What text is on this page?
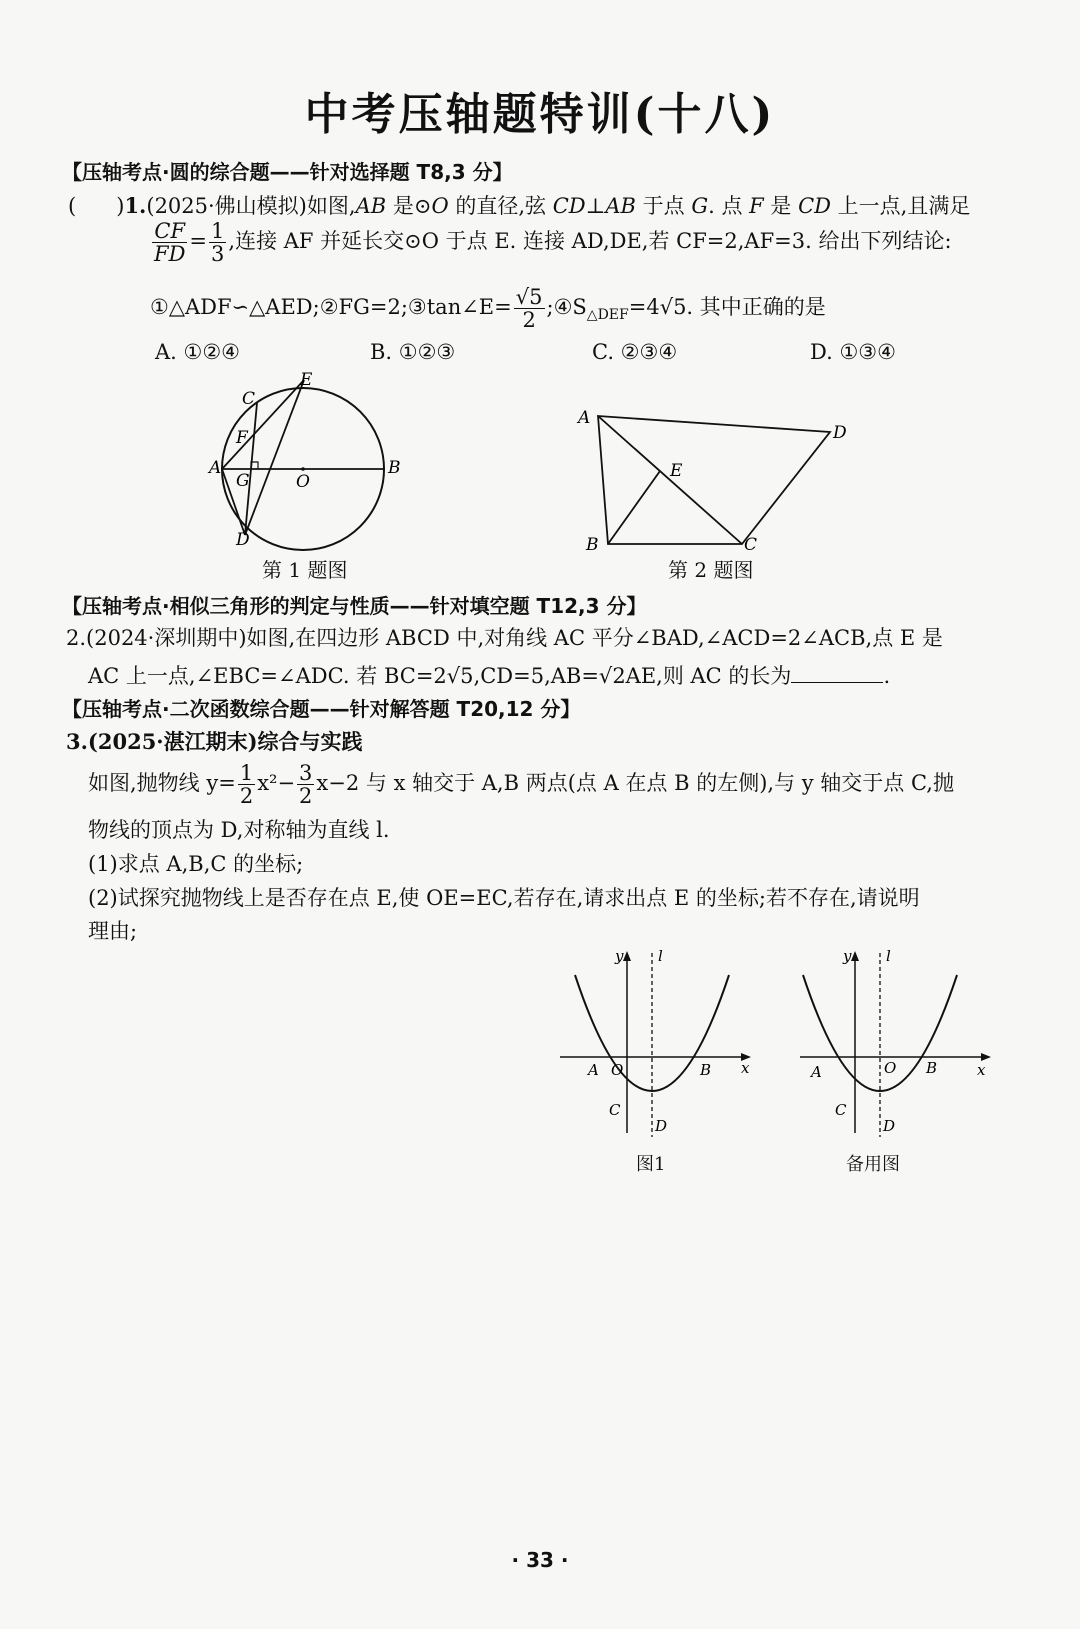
中考压轴题特训(十八)
【压轴考点·圆的综合题——针对选择题 T8,3 分】
(      )1.(2025·佛山模拟)如图,AB 是⊙O 的直径,弦 CD⊥AB 于点 G. 点 F 是 CD 上一点,且满足
$\frac{CF}{FD} = \frac{1}{3}$ ,连接 AF 并延长交⊙O 于点 E. 连接 AD,DE,若 CF=2,AF=3. 给出下列结论:
①△ADF∽△AED;②FG=2;③tan∠E= $\frac{√5}{2}$ $;④S_{\triangle DEF}=4√5$. 其中正确的是
A. ①②④	B. ①②③	C. ②③④	D. ①③④
E
C
F
A
G	O
B
D
第 1 题图
A
D
E
B	C
第 2 题图
【压轴考点·相似三角形的判定与性质——针对填空题 T12,3 分】
2.(2024·深圳期中)如图,在四边形 ABCD 中,对角线 AC 平分∠BAD,∠ACD=2∠ACB,点 E 是
AC 上一点,∠EBC=∠ADC. 若 BC=2√5,CD=5,AB=√2AE,则 AC 的长为	.
【压轴考点·二次函数综合题——针对解答题 T20,12 分】
3.(2025·湛江期末)综合与实践
如图,抛物线 $y= \frac{1}{2} x^2- \frac{3}{2} x-2$ 与 x 轴交于 A,B 两点(点 A 在点 B 的左侧),与 y 轴交于点 C,抛
物线的顶点为 D,对称轴为直线 l.
(1)求点 A,B,C 的坐标;
(2)试探究抛物线上是否存在点 E,使 OE=EC,若存在,请求出点 E 的坐标;若不存在,请说明
理由;
y l
x
A O	B
C
D
图1
y l
x
A	O B
C
D
备用图
· 33 ·
